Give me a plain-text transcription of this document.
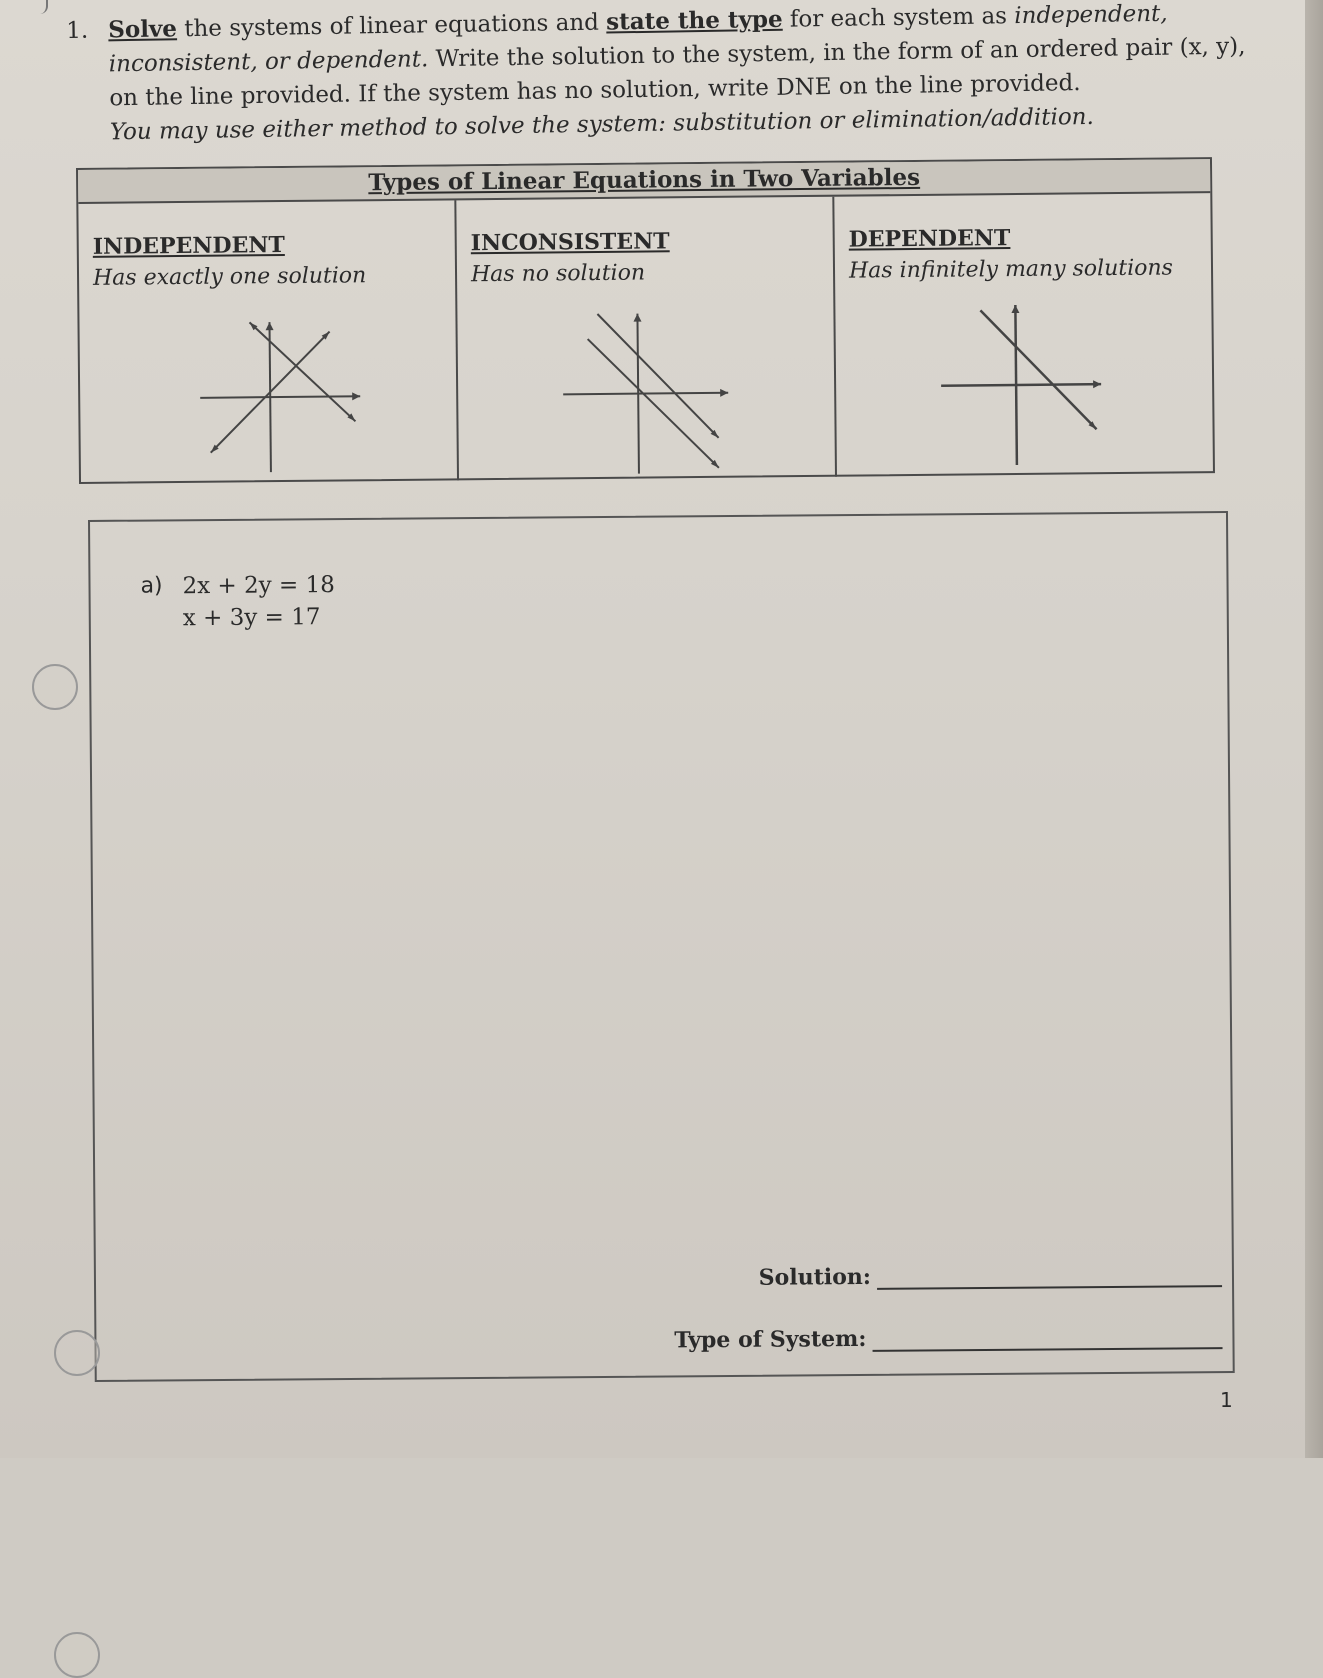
1. Solve the systems of linear equations and state the type for each system as independent,
inconsistent, or dependent. Write the solution to the system, in the form of an ordered pair (x, y),
on the line provided. If the system has no solution, write DNE on the line provided.
You may use either method to solve the system: substitution or elimination/addition.
Types of Linear Equations in Two Variables
INDEPENDENT
Has exactly one solution
INCONSISTENT
Has no solution
DEPENDENT
Has infinitely many solutions
a) 2x + 2y = 18
x + 3y = 17
Solution:
Type of System:
1
